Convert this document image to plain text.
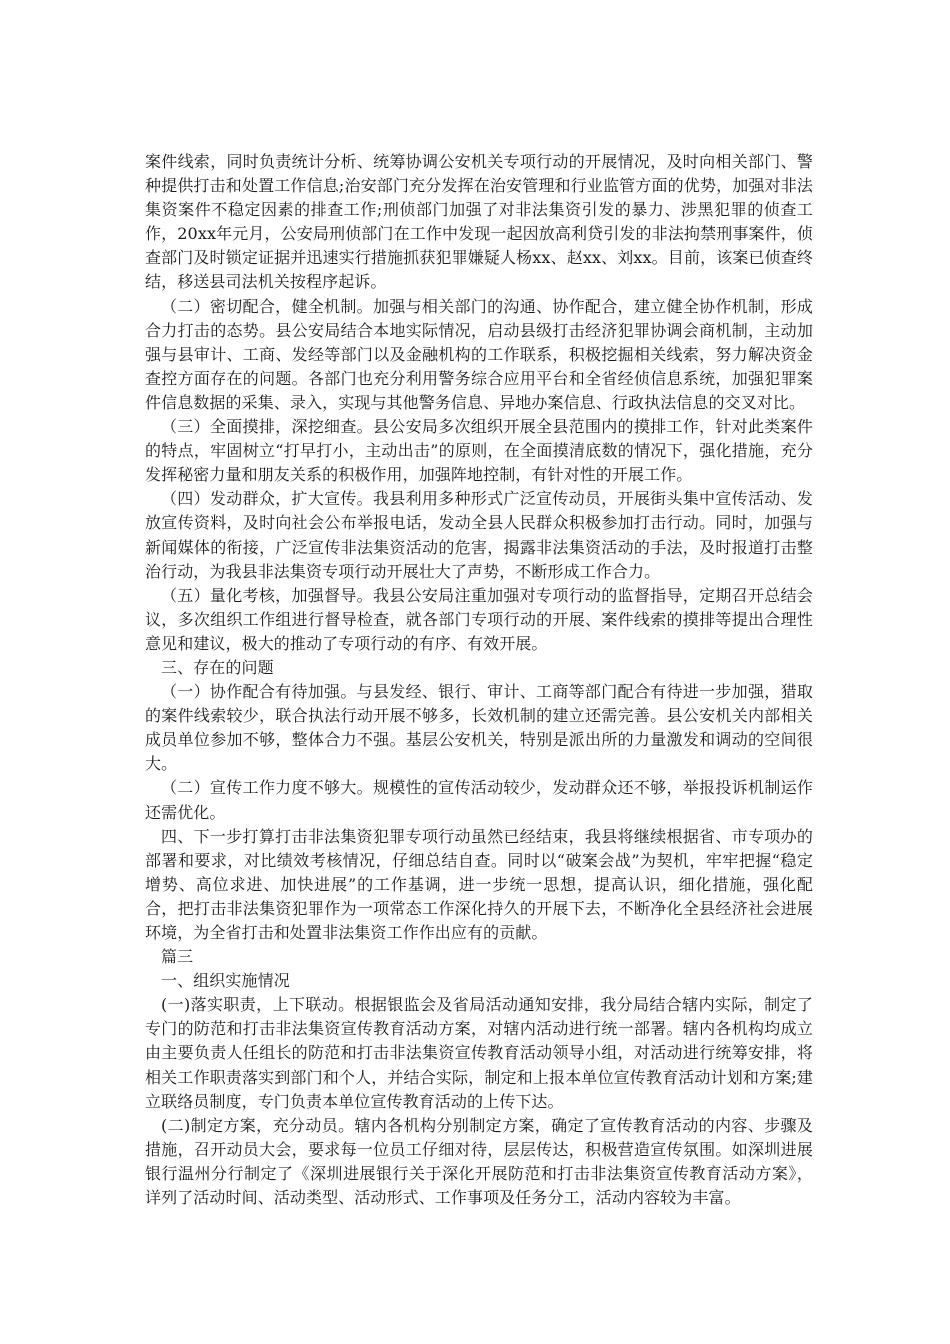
案件线索，同时负责统计分析、统筹协调公安机关专项行动的开展情况，及时向相关部门、警种提供打击和处置工作信息;治安部门充分发挥在治安管理和行业监管方面的优势，加强对非法集资案件不稳定因素的排查工作;刑侦部门加强了对非法集资引发的暴力、涉黑犯罪的侦查工作，20xx年元月，公安局刑侦部门在工作中发现一起因放高利贷引发的非法拘禁刑事案件，侦查部门及时锁定证据并迅速实行措施抓获犯罪嫌疑人杨xx、赵xx、刘xx。目前，该案已侦查终结，移送县司法机关按程序起诉。

（二）密切配合，健全机制。加强与相关部门的沟通、协作配合，建立健全协作机制，形成合力打击的态势。县公安局结合本地实际情况，启动县级打击经济犯罪协调会商机制，主动加强与县审计、工商、发经等部门以及金融机构的工作联系，积极挖掘相关线索，努力解决资金查控方面存在的问题。各部门也充分利用警务综合应用平台和全省经侦信息系统，加强犯罪案件信息数据的采集、录入，实现与其他警务信息、异地办案信息、行政执法信息的交叉对比。

（三）全面摸排，深挖细查。县公安局多次组织开展全县范围内的摸排工作，针对此类案件的特点，牢固树立“打早打小，主动出击”的原则，在全面摸清底数的情况下，强化措施，充分发挥秘密力量和朋友关系的积极作用，加强阵地控制，有针对性的开展工作。

（四）发动群众，扩大宣传。我县利用多种形式广泛宣传动员，开展街头集中宣传活动、发放宣传资料，及时向社会公布举报电话，发动全县人民群众积极参加打击行动。同时，加强与新闻媒体的衔接，广泛宣传非法集资活动的危害，揭露非法集资活动的手法，及时报道打击整治行动，为我县非法集资专项行动开展壮大了声势，不断形成工作合力。

（五）量化考核，加强督导。我县公安局注重加强对专项行动的监督指导，定期召开总结会议，多次组织工作组进行督导检查，就各部门专项行动的开展、案件线索的摸排等提出合理性意见和建议，极大的推动了专项行动的有序、有效开展。

三、存在的问题

（一）协作配合有待加强。与县发经、银行、审计、工商等部门配合有待进一步加强，猎取的案件线索较少，联合执法行动开展不够多，长效机制的建立还需完善。县公安机关内部相关成员单位参加不够，整体合力不强。基层公安机关，特别是派出所的力量激发和调动的空间很大。

（二）宣传工作力度不够大。规模性的宣传活动较少，发动群众还不够，举报投诉机制运作还需优化。

四、下一步打算打击非法集资犯罪专项行动虽然已经结束，我县将继续根据省、市专项办的部署和要求，对比绩效考核情况，仔细总结自查。同时以“破案会战”为契机，牢牢把握“稳定增势、高位求进、加快进展”的工作基调，进一步统一思想，提高认识，细化措施，强化配合，把打击非法集资犯罪作为一项常态工作深化持久的开展下去，不断净化全县经济社会进展环境，为全省打击和处置非法集资工作作出应有的贡献。

篇三

一、组织实施情况

(一)落实职责，上下联动。根据银监会及省局活动通知安排，我分局结合辖内实际，制定了专门的防范和打击非法集资宣传教育活动方案，对辖内活动进行统一部署。辖内各机构均成立由主要负责人任组长的防范和打击非法集资宣传教育活动领导小组，对活动进行统筹安排，将相关工作职责落实到部门和个人，并结合实际，制定和上报本单位宣传教育活动计划和方案;建立联络员制度，专门负责本单位宣传教育活动的上传下达。

(二)制定方案，充分动员。辖内各机构分别制定方案，确定了宣传教育活动的内容、步骤及措施，召开动员大会，要求每一位员工仔细对待，层层传达，积极营造宣传氛围。如深圳进展银行温州分行制定了《深圳进展银行关于深化开展防范和打击非法集资宣传教育活动方案》，详列了活动时间、活动类型、活动形式、工作事项及任务分工，活动内容较为丰富。
